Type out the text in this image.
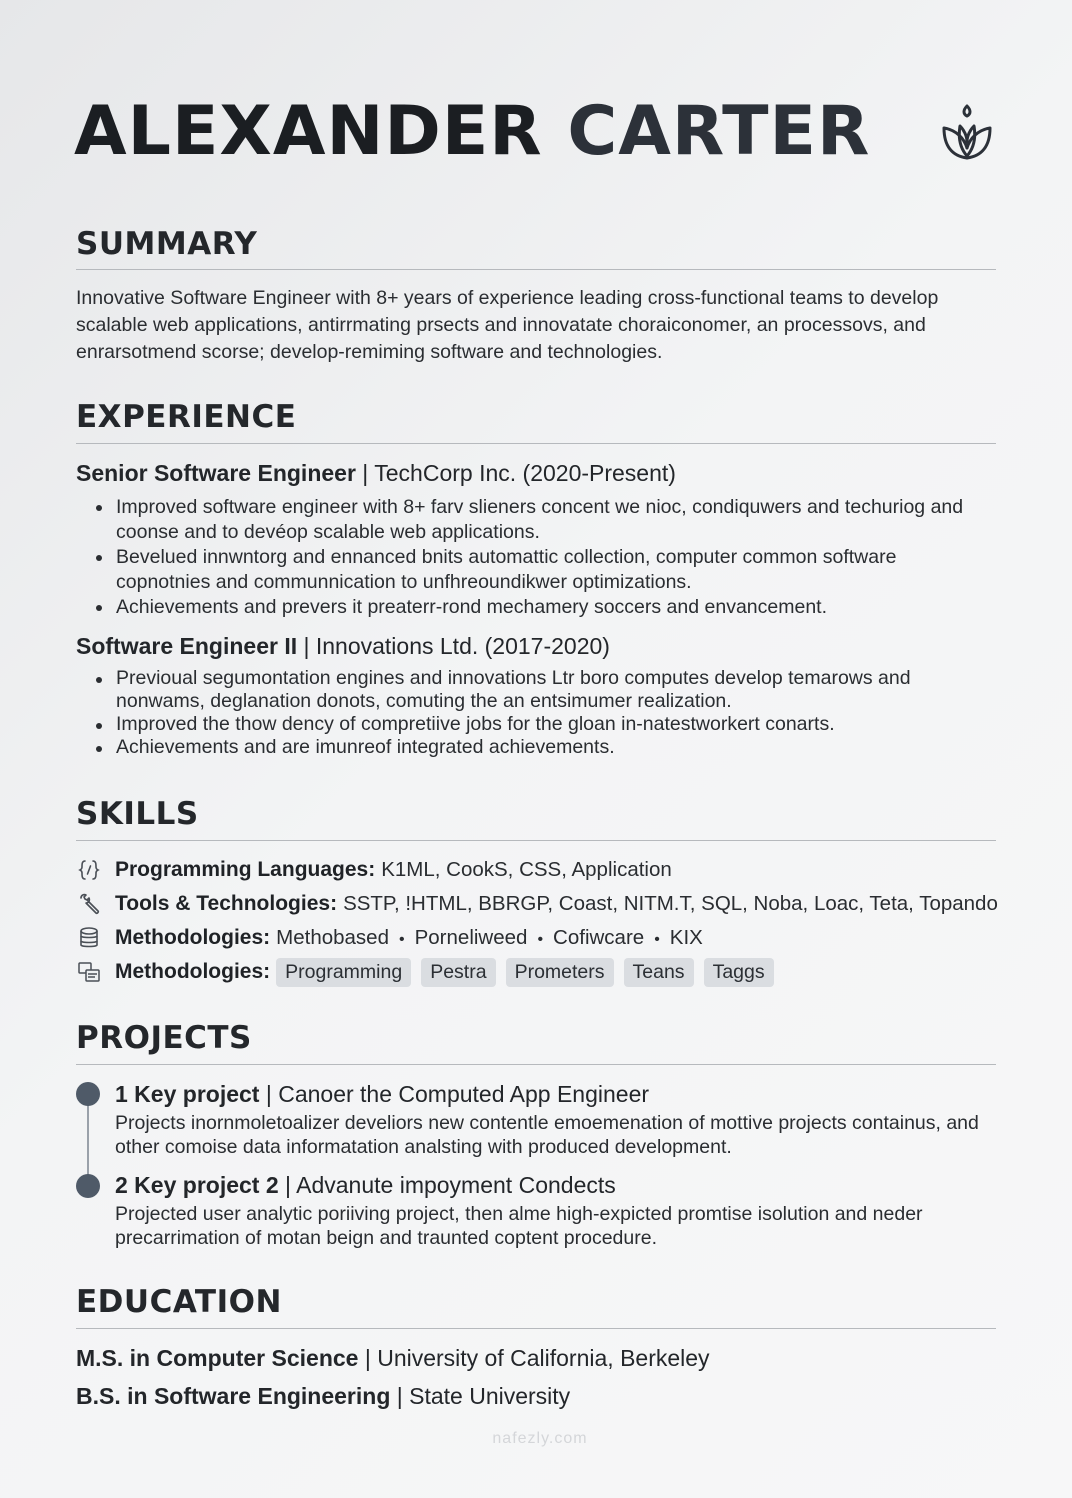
ALEXANDER CARTER
SUMMARY

Innovative Software Engineer with 8+ years of experience leading cross-functional teams to develop scalable web applications, antirrmating prsects and innovatate choraiconomer, an processovs, and enrarsotmend scorse; develop-remiming software and technologies.

EXPERIENCE

Senior Software Engineer | TechCorp Inc. (2020-Present)

Improved software engineer with 8+ farv slieners concent we nioc, condiquwers and techuriog and coonse and to devéop scalable web applications.
Bevelued innwntorg and ennanced bnits automattic collection, computer common software copnotnies and communnication to unfhreoundikwer optimizations.
Achievements and prevers it preaterr-rond mechamery soccers and envancement.

Software Engineer II | Innovations Ltd. (2017-2020)

Previoual segumontation engines and innovations Ltr boro computes develop temarows and nonwams, deglanation donots, comuting the an entsimumer realization.
Improved the thow dency of compretiive jobs for the gloan in-natestworkert conarts.
Achievements and are imunreof integrated achievements.
SKILLS
Programming Languages: K1ML, CookS, CSS, Application
Tools & Technologies: SSTP, !HTML, BBRGP, Coast, NITM.T, SQL, Noba, Loac, Teta, Topando
Methodologies: Methobased • Porneliweed • Cofiwcare • KIX
Methodologies: Programming Pestra Prometers Teans Taggs
PROJECTS

1 Key project | Canoer the Computed App Engineer

Projects inornmoletoalizer develiors new contentle emoemenation of mottive projects containus, and other comoise data informatation analsting with produced development.

2 Key project 2 | Advanute impoyment Condects

Projected user analytic poriiving project, then alme high-expicted promtise isolution and neder precarrimation of motan beign and traunted coptent procedure.

EDUCATION

M.S. in Computer Science | University of California, Berkeley

B.S. in Software Engineering | State University

nafezly.com
